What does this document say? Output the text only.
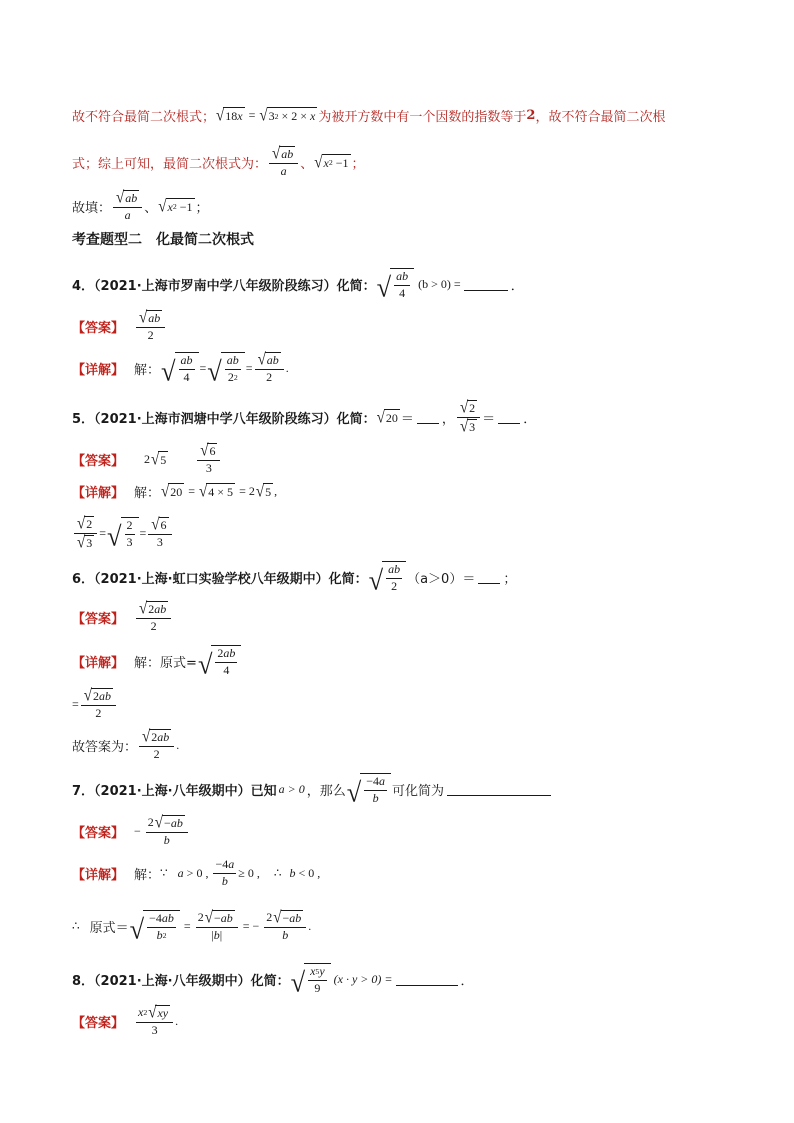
故不符合最简二次根式； √ 18 x = √ 3 2 × 2 × x 为被开方数中有一个因数的指数等于 2 ，故不符合最简二次根
式；综上可知，最简二次根式为： $\frac{√ ab}{a}$ 、 √ x 2 −1 ；
故填： $\frac{√ ab}{a}$ 、 √ x 2 −1 ；
考查题型二　化最简二次根式
4．（2021·上海市罗南中学八年级阶段练习）化简： √ $\frac{ab}{4} (b > 0)$ =	．
【答案】 $\frac{√ ab}{2}$
【详解】 解： √ $\frac{ab}{4}$ = √ $\frac{ab}{2 2} = \frac{√ ab}{2}$ .
5．（2021·上海市泗塘中学八年级阶段练习）化简： √ 20 ＝ ， $\frac{√ 2}{√ 3}$ ＝ ．
【答案】 2 √ $5 \frac{√ 6}{3}$
【详解】 解： √ 20 = √ 4 × 5 = 2 √ 5 ,
$\frac{√ 2}{√ 3}$ = √ $\frac{2}{3} = \frac{√ 6}{3}$
6．（2021·上海·虹口实验学校八年级期中）化简： √ $\frac{ab}{2} (a>0)=$ ；
【答案】 $\frac{√ 2 ab}{2}$
【详解】 解： 原式= √ $\frac{2 ab}{4}$
= $\frac{√ 2 ab}{2}$
故答案为： $\frac{√ 2 ab}{2}$ .
7．（2021·上海·八年级期中）已知 a > 0 ，那么 √ $\frac{-4 a}{b}$ 可化简为
【答案】 − $\frac{2 √ - ab}{b}$
【详解】 解： ∵ a > 0 , $\frac{-4 a}{b} \ge 0$ , ∴ b < 0 ,
∴ 原式＝ √ $\frac{-4 ab}{b 2} = \frac{2 √ - ab}{| b |}$ = − $\frac{2 √ - ab}{b}$ .
8．（2021·上海·八年级期中）化简： √ $\frac{x 5 y}{9} (x \cdot y > 0)$ =	．
【答案】 $\frac{x 2 √ xy}{3}$ .
